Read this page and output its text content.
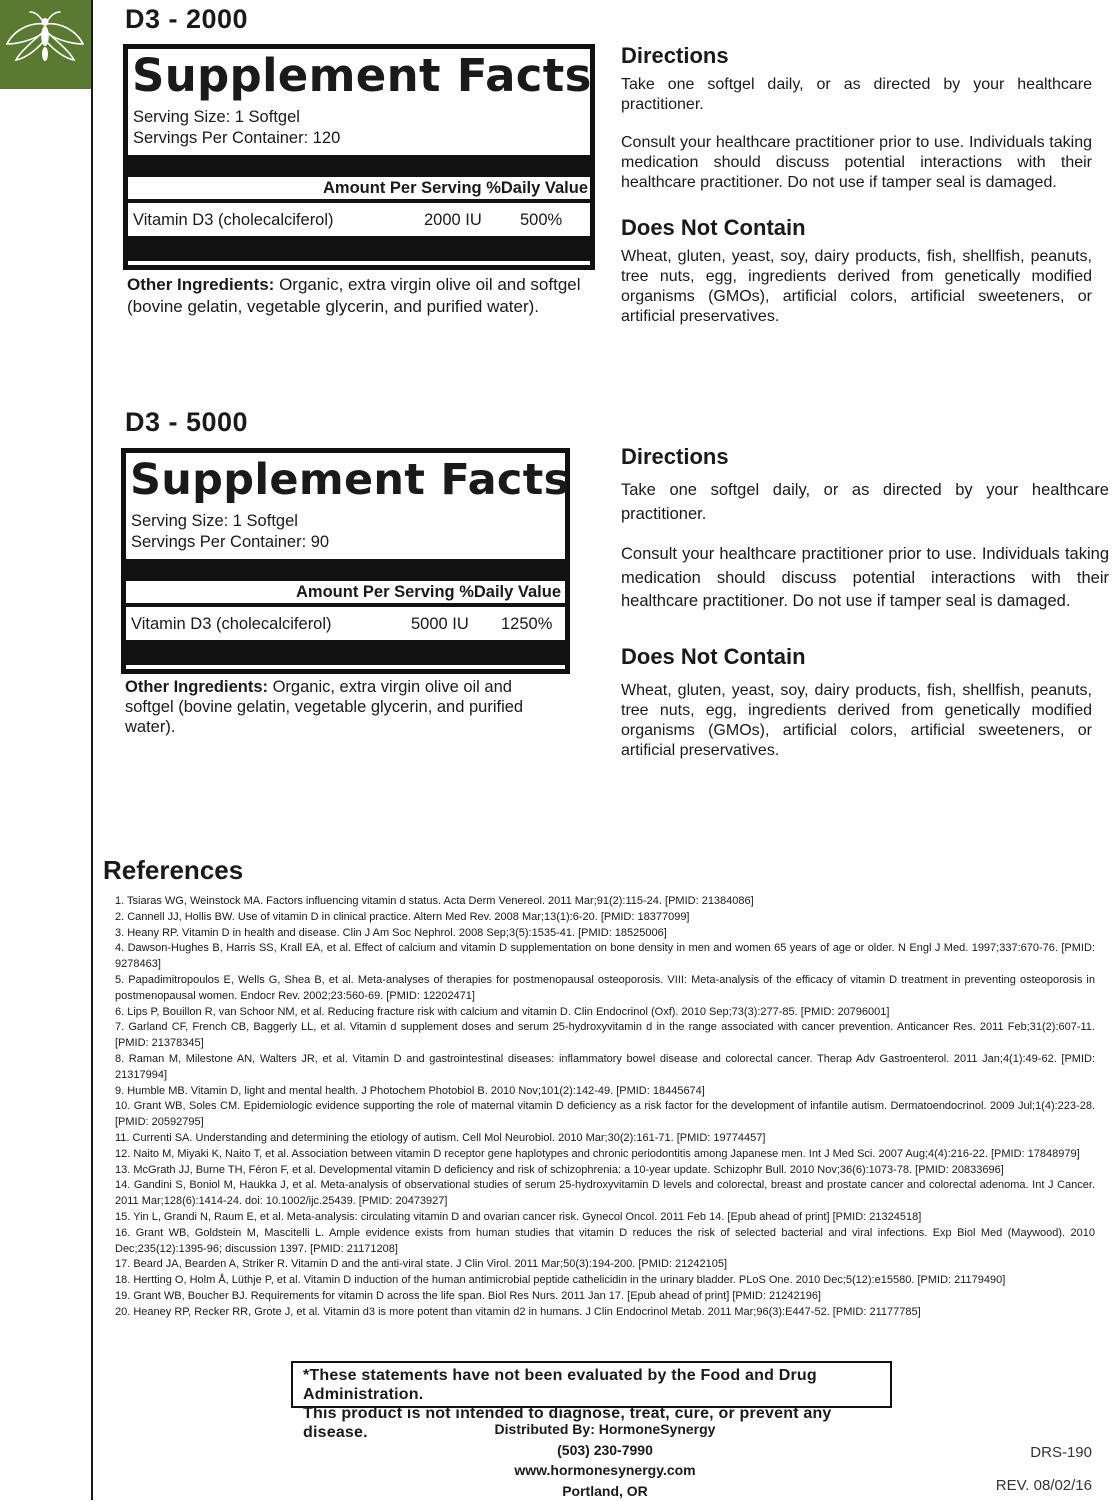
D3 - 2000
Supplement Facts
Serving Size: 1 Softgel
Servings Per Container: 120
Amount Per Serving %Daily Value
Vitamin D3 (cholecalciferol)	2000 IU	500%
Other Ingredients: Organic, extra virgin olive oil and softgel (bovine gelatin, vegetable glycerin, and purified water).
Directions
Take one softgel daily, or as directed by your healthcare practitioner.
Consult your healthcare practitioner prior to use. Individuals taking medication should discuss potential interactions with their healthcare practitioner. Do not use if tamper seal is damaged.
Does Not Contain
Wheat, gluten, yeast, soy, dairy products, fish, shellfish, peanuts, tree nuts, egg, ingredients derived from genetically modified organisms (GMOs), artificial colors, artificial sweeteners, or artificial preservatives.
D3 - 5000
Supplement Facts
Serving Size: 1 Softgel
Servings Per Container: 90
Amount Per Serving %Daily Value
Vitamin D3 (cholecalciferol)	5000 IU	1250%
Other Ingredients: Organic, extra virgin olive oil and softgel (bovine gelatin, vegetable glycerin, and purified water).
Directions
Take one softgel daily, or as directed by your healthcare practitioner.
Consult your healthcare practitioner prior to use. Individuals taking medication should discuss potential interactions with their healthcare practitioner. Do not use if tamper seal is damaged.
Does Not Contain
Wheat, gluten, yeast, soy, dairy products, fish, shellfish, peanuts, tree nuts, egg, ingredients derived from genetically modified organisms (GMOs), artificial colors, artificial sweeteners, or artificial preservatives.
References
1. Tsiaras WG, Weinstock MA. Factors influencing vitamin d status. Acta Derm Venereol. 2011 Mar;91(2):115-24. [PMID: 21384086]
2. Cannell JJ, Hollis BW. Use of vitamin D in clinical practice. Altern Med Rev. 2008 Mar;13(1):6-20. [PMID: 18377099]
3. Heany RP. Vitamin D in health and disease. Clin J Am Soc Nephrol. 2008 Sep;3(5):1535-41. [PMID: 18525006]
4. Dawson-Hughes B, Harris SS, Krall EA, et al. Effect of calcium and vitamin D supplementation on bone density in men and women 65 years of age or older. N Engl J Med. 1997;337:670-76. [PMID: 9278463]
5. Papadimitropoulos E, Wells G, Shea B, et al. Meta-analyses of therapies for postmenopausal osteoporosis. VIII: Meta-analysis of the efficacy of vitamin D treatment in preventing osteoporosis in postmenopausal women. Endocr Rev. 2002;23:560-69. [PMID: 12202471]
6. Lips P, Bouillon R, van Schoor NM, et al. Reducing fracture risk with calcium and vitamin D. Clin Endocrinol (Oxf). 2010 Sep;73(3):277-85. [PMID: 20796001]
7. Garland CF, French CB, Baggerly LL, et al. Vitamin d supplement doses and serum 25-hydroxyvitamin d in the range associated with cancer prevention. Anticancer Res. 2011 Feb;31(2):607-11. [PMID: 21378345]
8. Raman M, Milestone AN, Walters JR, et al. Vitamin D and gastrointestinal diseases: inflammatory bowel disease and colorectal cancer. Therap Adv Gastroenterol. 2011 Jan;4(1):49-62. [PMID: 21317994]
9. Humble MB. Vitamin D, light and mental health. J Photochem Photobiol B. 2010 Nov;101(2):142-49. [PMID: 18445674]
10. Grant WB, Soles CM. Epidemiologic evidence supporting the role of maternal vitamin D deficiency as a risk factor for the development of infantile autism. Dermatoendocrinol. 2009 Jul;1(4):223-28. [PMID: 20592795]
11. Currenti SA. Understanding and determining the etiology of autism. Cell Mol Neurobiol. 2010 Mar;30(2):161-71. [PMID: 19774457]
12. Naito M, Miyaki K, Naito T, et al. Association between vitamin D receptor gene haplotypes and chronic periodontitis among Japanese men. Int J Med Sci. 2007 Aug;4(4):216-22. [PMID: 17848979]
13. McGrath JJ, Burne TH, Féron F, et al. Developmental vitamin D deficiency and risk of schizophrenia: a 10-year update. Schizophr Bull. 2010 Nov;36(6):1073-78. [PMID: 20833696]
14. Gandini S, Boniol M, Haukka J, et al. Meta-analysis of observational studies of serum 25-hydroxyvitamin D levels and colorectal, breast and prostate cancer and colorectal adenoma. Int J Cancer. 2011 Mar;128(6):1414-24. doi: 10.1002/ijc.25439. [PMID: 20473927]
15. Yin L, Grandi N, Raum E, et al. Meta-analysis: circulating vitamin D and ovarian cancer risk. Gynecol Oncol. 2011 Feb 14. [Epub ahead of print] [PMID: 21324518]
16. Grant WB, Goldstein M, Mascitelli L. Ample evidence exists from human studies that vitamin D reduces the risk of selected bacterial and viral infections. Exp Biol Med (Maywood). 2010 Dec;235(12):1395-96; discussion 1397. [PMID: 21171208]
17. Beard JA, Bearden A, Striker R. Vitamin D and the anti-viral state. J Clin Virol. 2011 Mar;50(3):194-200. [PMID: 21242105]
18. Hertting O, Holm Å, Lüthje P, et al. Vitamin D induction of the human antimicrobial peptide cathelicidin in the urinary bladder. PLoS One. 2010 Dec;5(12):e15580. [PMID: 21179490]
19. Grant WB, Boucher BJ. Requirements for vitamin D across the life span. Biol Res Nurs. 2011 Jan 17. [Epub ahead of print] [PMID: 21242196]
20. Heaney RP, Recker RR, Grote J, et al. Vitamin d3 is more potent than vitamin d2 in humans. J Clin Endocrinol Metab. 2011 Mar;96(3):E447-52. [PMID: 21177785]
*These statements have not been evaluated by the Food and Drug Administration.
This product is not intended to diagnose, treat, cure, or prevent any disease.	Distributed By: HormoneSynergy
(503) 230-7990
www.hormonesynergy.com
Portland, OR
DRS-190
REV. 08/02/16
